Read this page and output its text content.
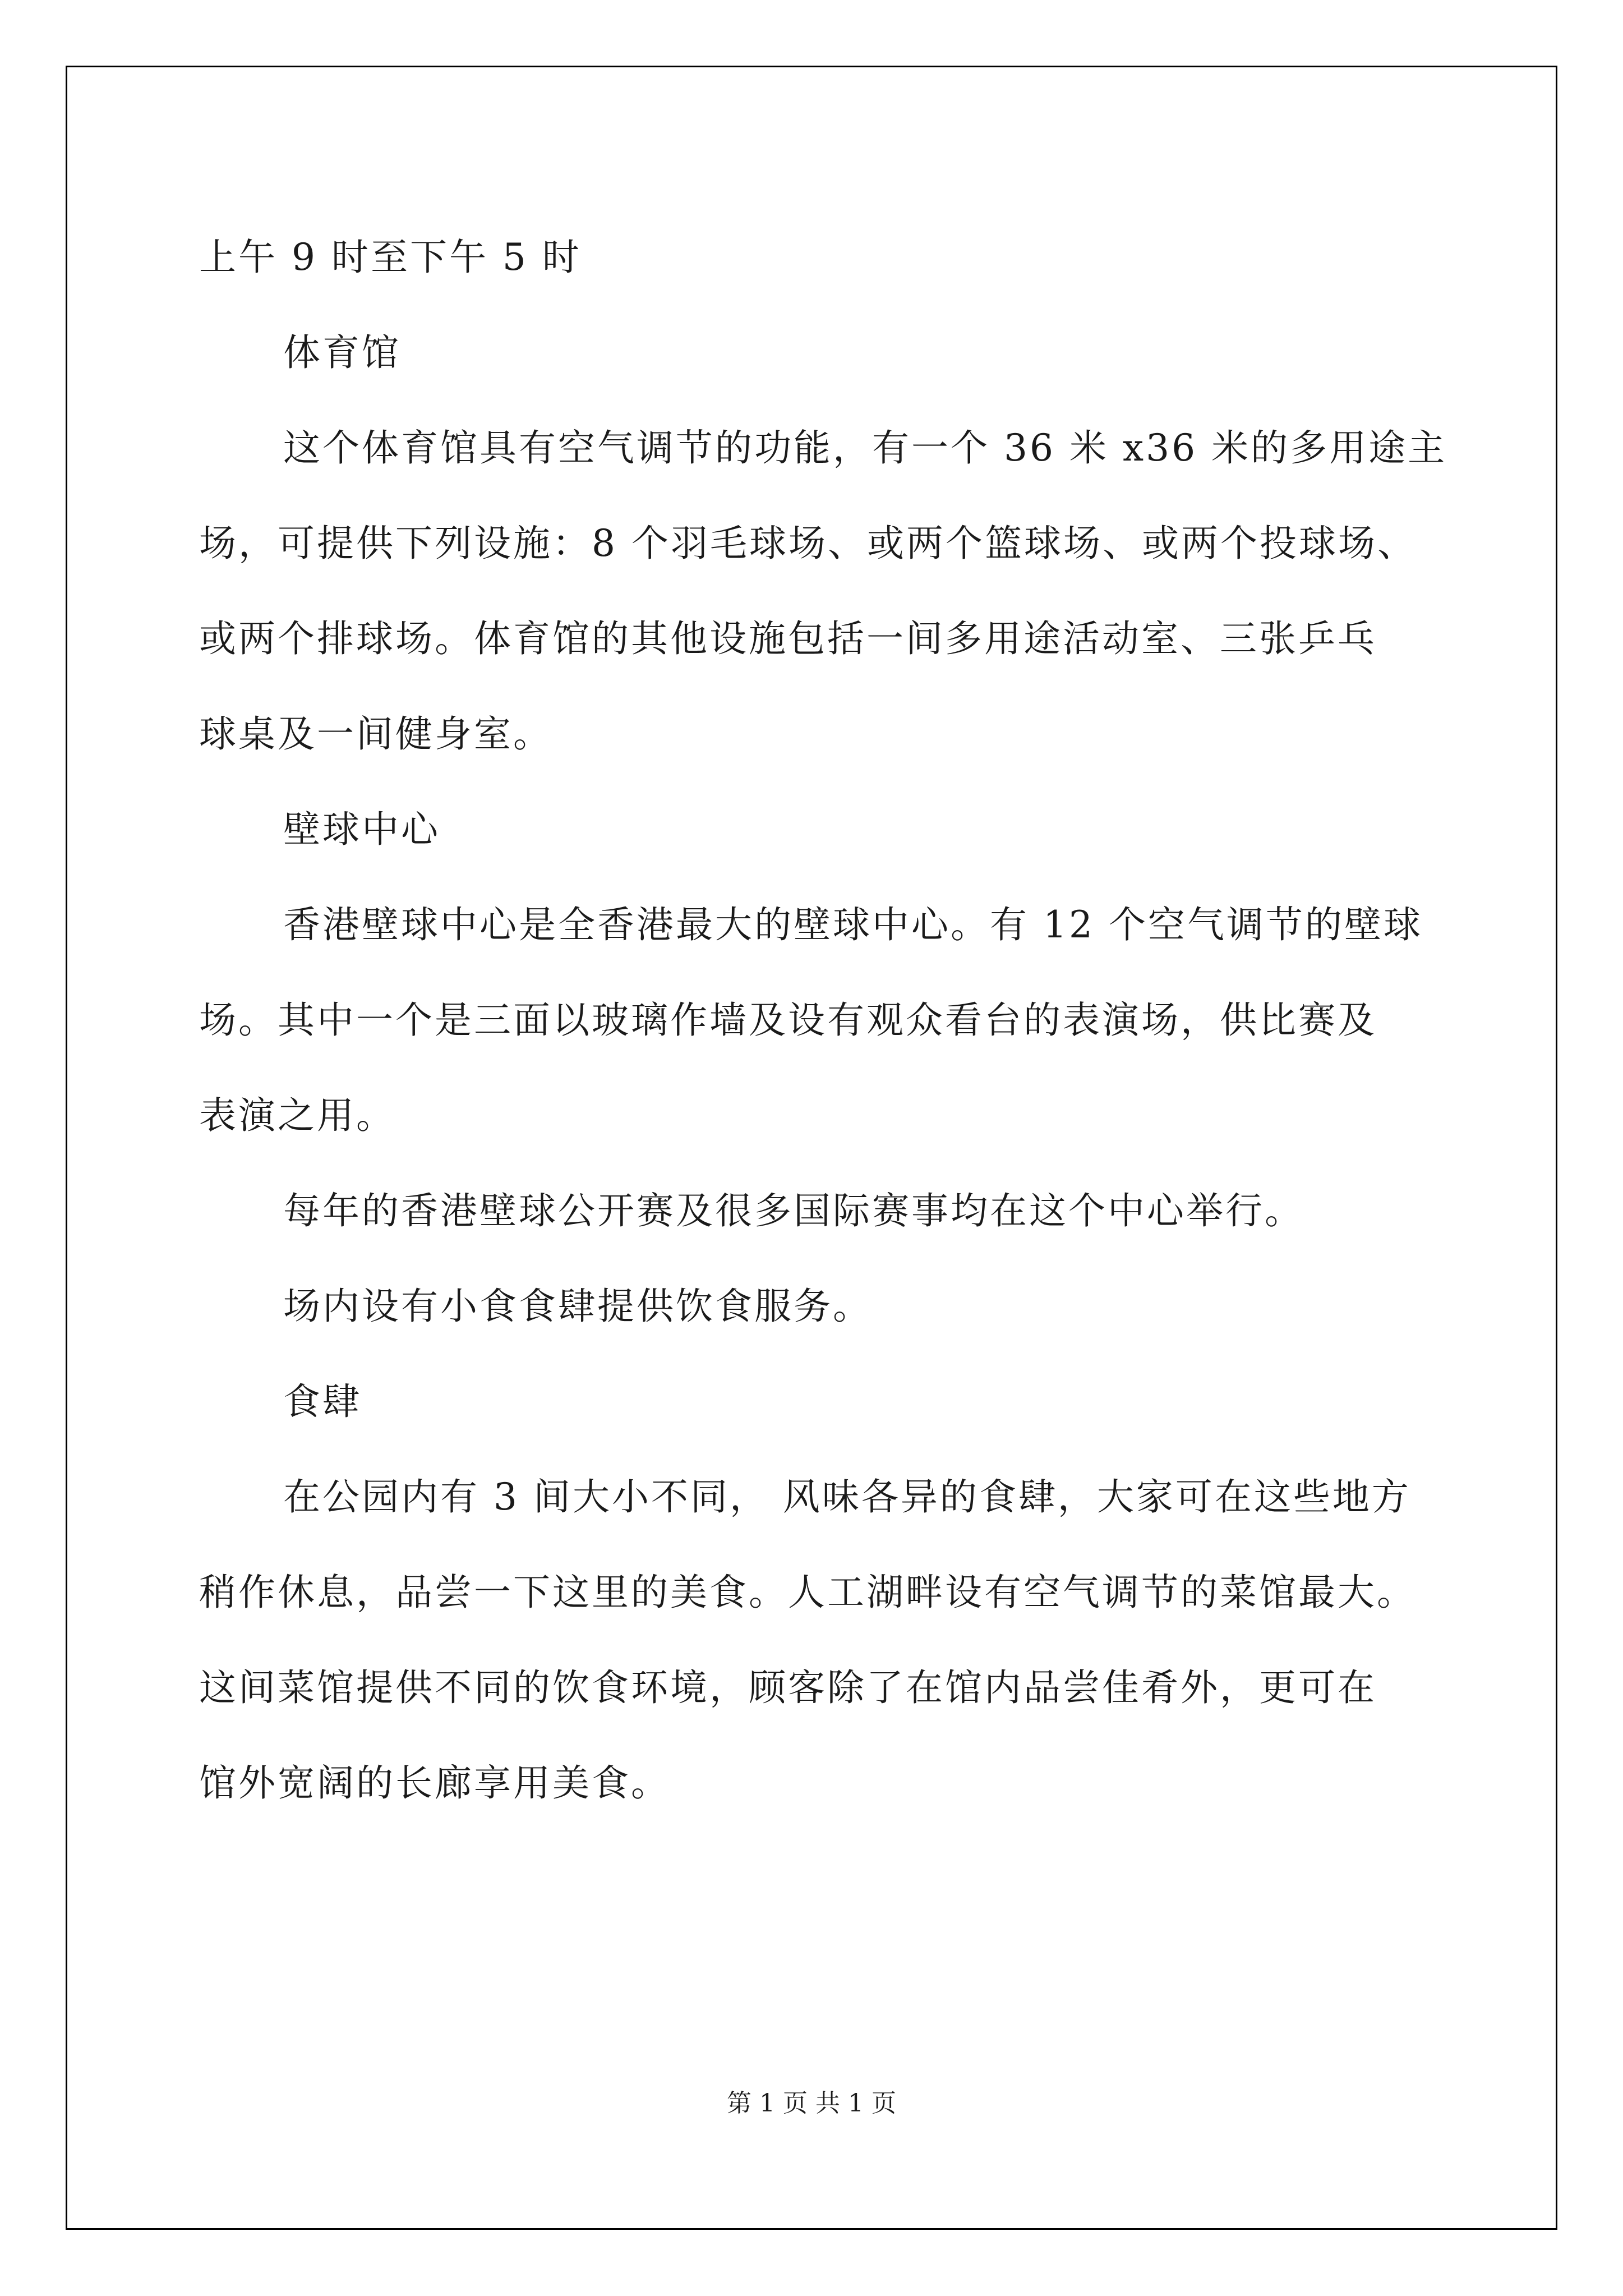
上午 9 时至下午 5 时

体育馆

这个体育馆具有空气调节的功能，有一个 36 米 x36 米的多用途主

场，可提供下列设施：8 个羽毛球场、或两个篮球场、或两个投球场、

或两个排球场。体育馆的其他设施包括一间多用途活动室、三张乒乓

球桌及一间健身室。

壁球中心

香港壁球中心是全香港最大的壁球中心。有 12 个空气调节的壁球

场。其中一个是三面以玻璃作墙及设有观众看台的表演场，供比赛及

表演之用。

每年的香港壁球公开赛及很多国际赛事均在这个中心举行。

场内设有小食食肆提供饮食服务。

食肆

在公园内有 3 间大小不同， 风味各异的食肆，大家可在这些地方

稍作休息，品尝一下这里的美食。人工湖畔设有空气调节的菜馆最大。

这间菜馆提供不同的饮食环境，顾客除了在馆内品尝佳肴外，更可在

馆外宽阔的长廊享用美食。

第 1 页 共 1 页
